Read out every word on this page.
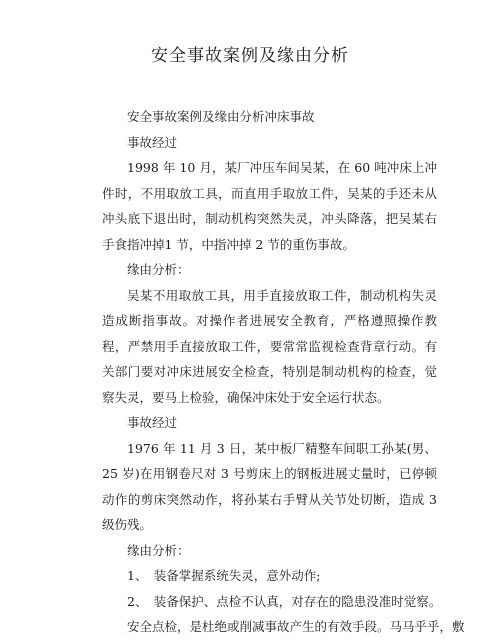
安全事故案例及缘由分析

安全事故案例及缘由分析冲床事故

事故经过

1998 年 10 月，某厂冲压车间吴某，在 60 吨冲床上冲件时，不用取放工具，而直用手取放工件，吴某的手还未从冲头底下退出时，制动机构突然失灵，冲头降落，把吴某右手食指冲掉1 节，中指冲掉 2 节的重伤事故。

缘由分析：

吴某不用取放工具，用手直接放取工件，制动机构失灵造成断指事故。对操作者进展安全教育，严格遵照操作教程，严禁用手直接放取工件，要常常监视检查背章行动。有关部门要对冲床进展安全检查，特别是制动机构的检查，觉察失灵，要马上检验，确保冲床处于安全运行状态。

事故经过

1976 年 11 月 3 日，某中板厂精整车间职工孙某(男、25 岁)在用钢卷尺对 3 号剪床上的钢板进展丈量时，已停顿动作的剪床突然动作，将孙某右手臂从关节处切断，造成 3 级伤残。

缘由分析：

1、　装备掌握系统失灵，意外动作;

2、　装备保护、点检不认真，对存在的隐患没准时觉察。

安全点检，是杜绝或削减事故产生的有效手段。马马乎乎，敷
